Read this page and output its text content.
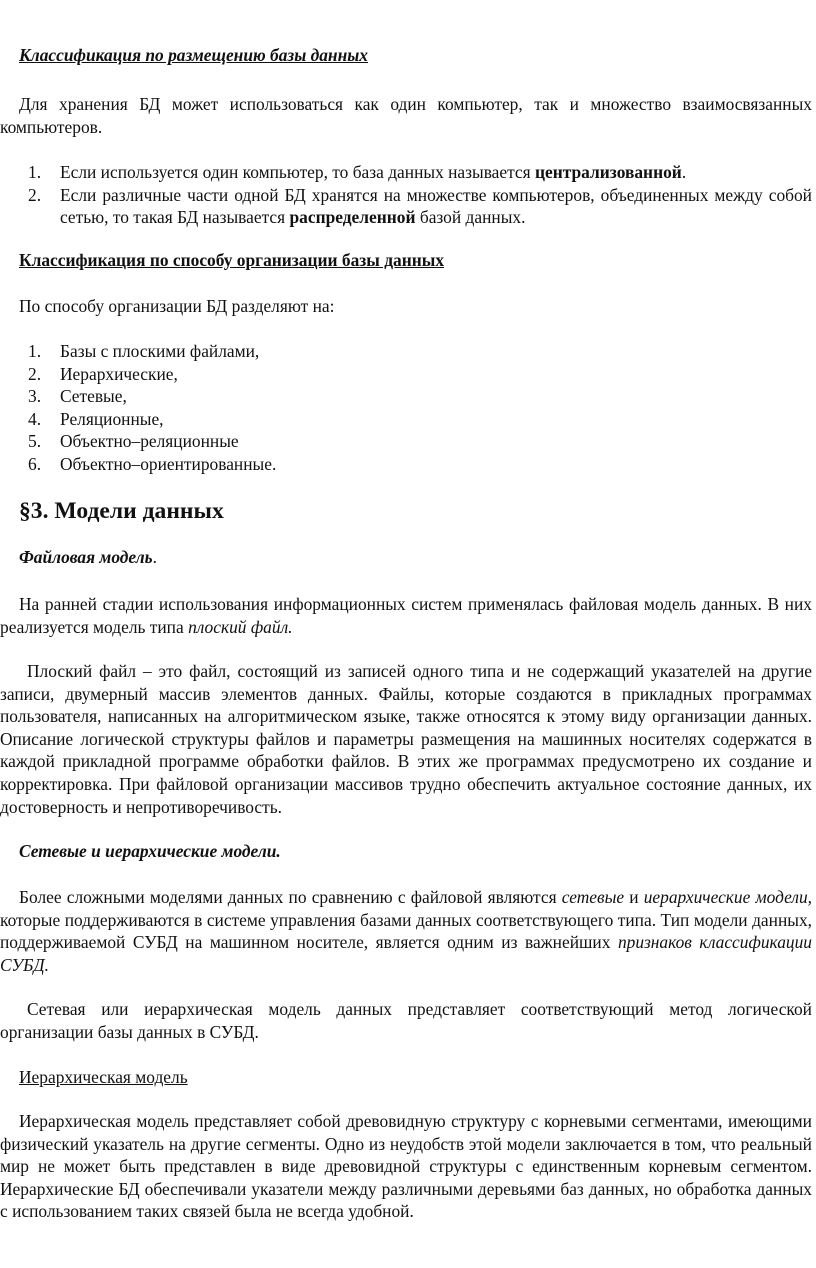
Классификация по размещению базы данных

Для хранения БД может использоваться как один компьютер, так и множество взаимосвязанных компьютеров.

1. Если используется один компьютер, то база данных называется централизованной.
2. Если различные части одной БД хранятся на множестве компьютеров, объединенных между собой сетью, то такая БД называется распределенной базой данных.
Классификация по способу организации базы данных

По способу организации БД разделяют на:

1. Базы с плоскими файлами,
2. Иерархические,
3. Сетевые,
4. Реляционные,
5. Объектно–реляционные
6. Объектно–ориентированные.
§3. Модели данных
Файловая модель.

На ранней стадии использования информационных систем применялась файловая модель данных. В них реализуется модель типа плоский файл.

Плоский файл – это файл, состоящий из записей одного типа и не содержащий указателей на другие записи, двумерный массив элементов данных. Файлы, которые создаются в прикладных программах пользователя, написанных на алгоритмическом языке, также относятся к этому виду организации данных. Описание логической структуры файлов и параметры размещения на машинных носителях содержатся в каждой прикладной программе обработки файлов. В этих же программах предусмотрено их создание и корректировка. При файловой организации массивов трудно обеспечить актуальное состояние данных, их достоверность и непротиворечивость.

Сетевые и иерархические модели.

Более сложными моделями данных по сравнению с файловой являются сетевые и иерархические модели, которые поддерживаются в системе управления базами данных соответствующего типа. Тип модели данных, поддерживаемой СУБД на машинном носителе, является одним из важнейших признаков классификации СУБД.

Сетевая или иерархическая модель данных представляет соответствующий метод логической организации базы данных в СУБД.

Иерархическая модель

Иерархическая модель представляет собой древовидную структуру с корневыми сегментами, имеющими физический указатель на другие сегменты. Одно из неудобств этой модели заключается в том, что реальный мир не может быть представлен в виде древовидной структуры с единственным корневым сегментом. Иерархические БД обеспечивали указатели между различными деревьями баз данных, но обработка данных с использованием таких связей была не всегда удобной.
